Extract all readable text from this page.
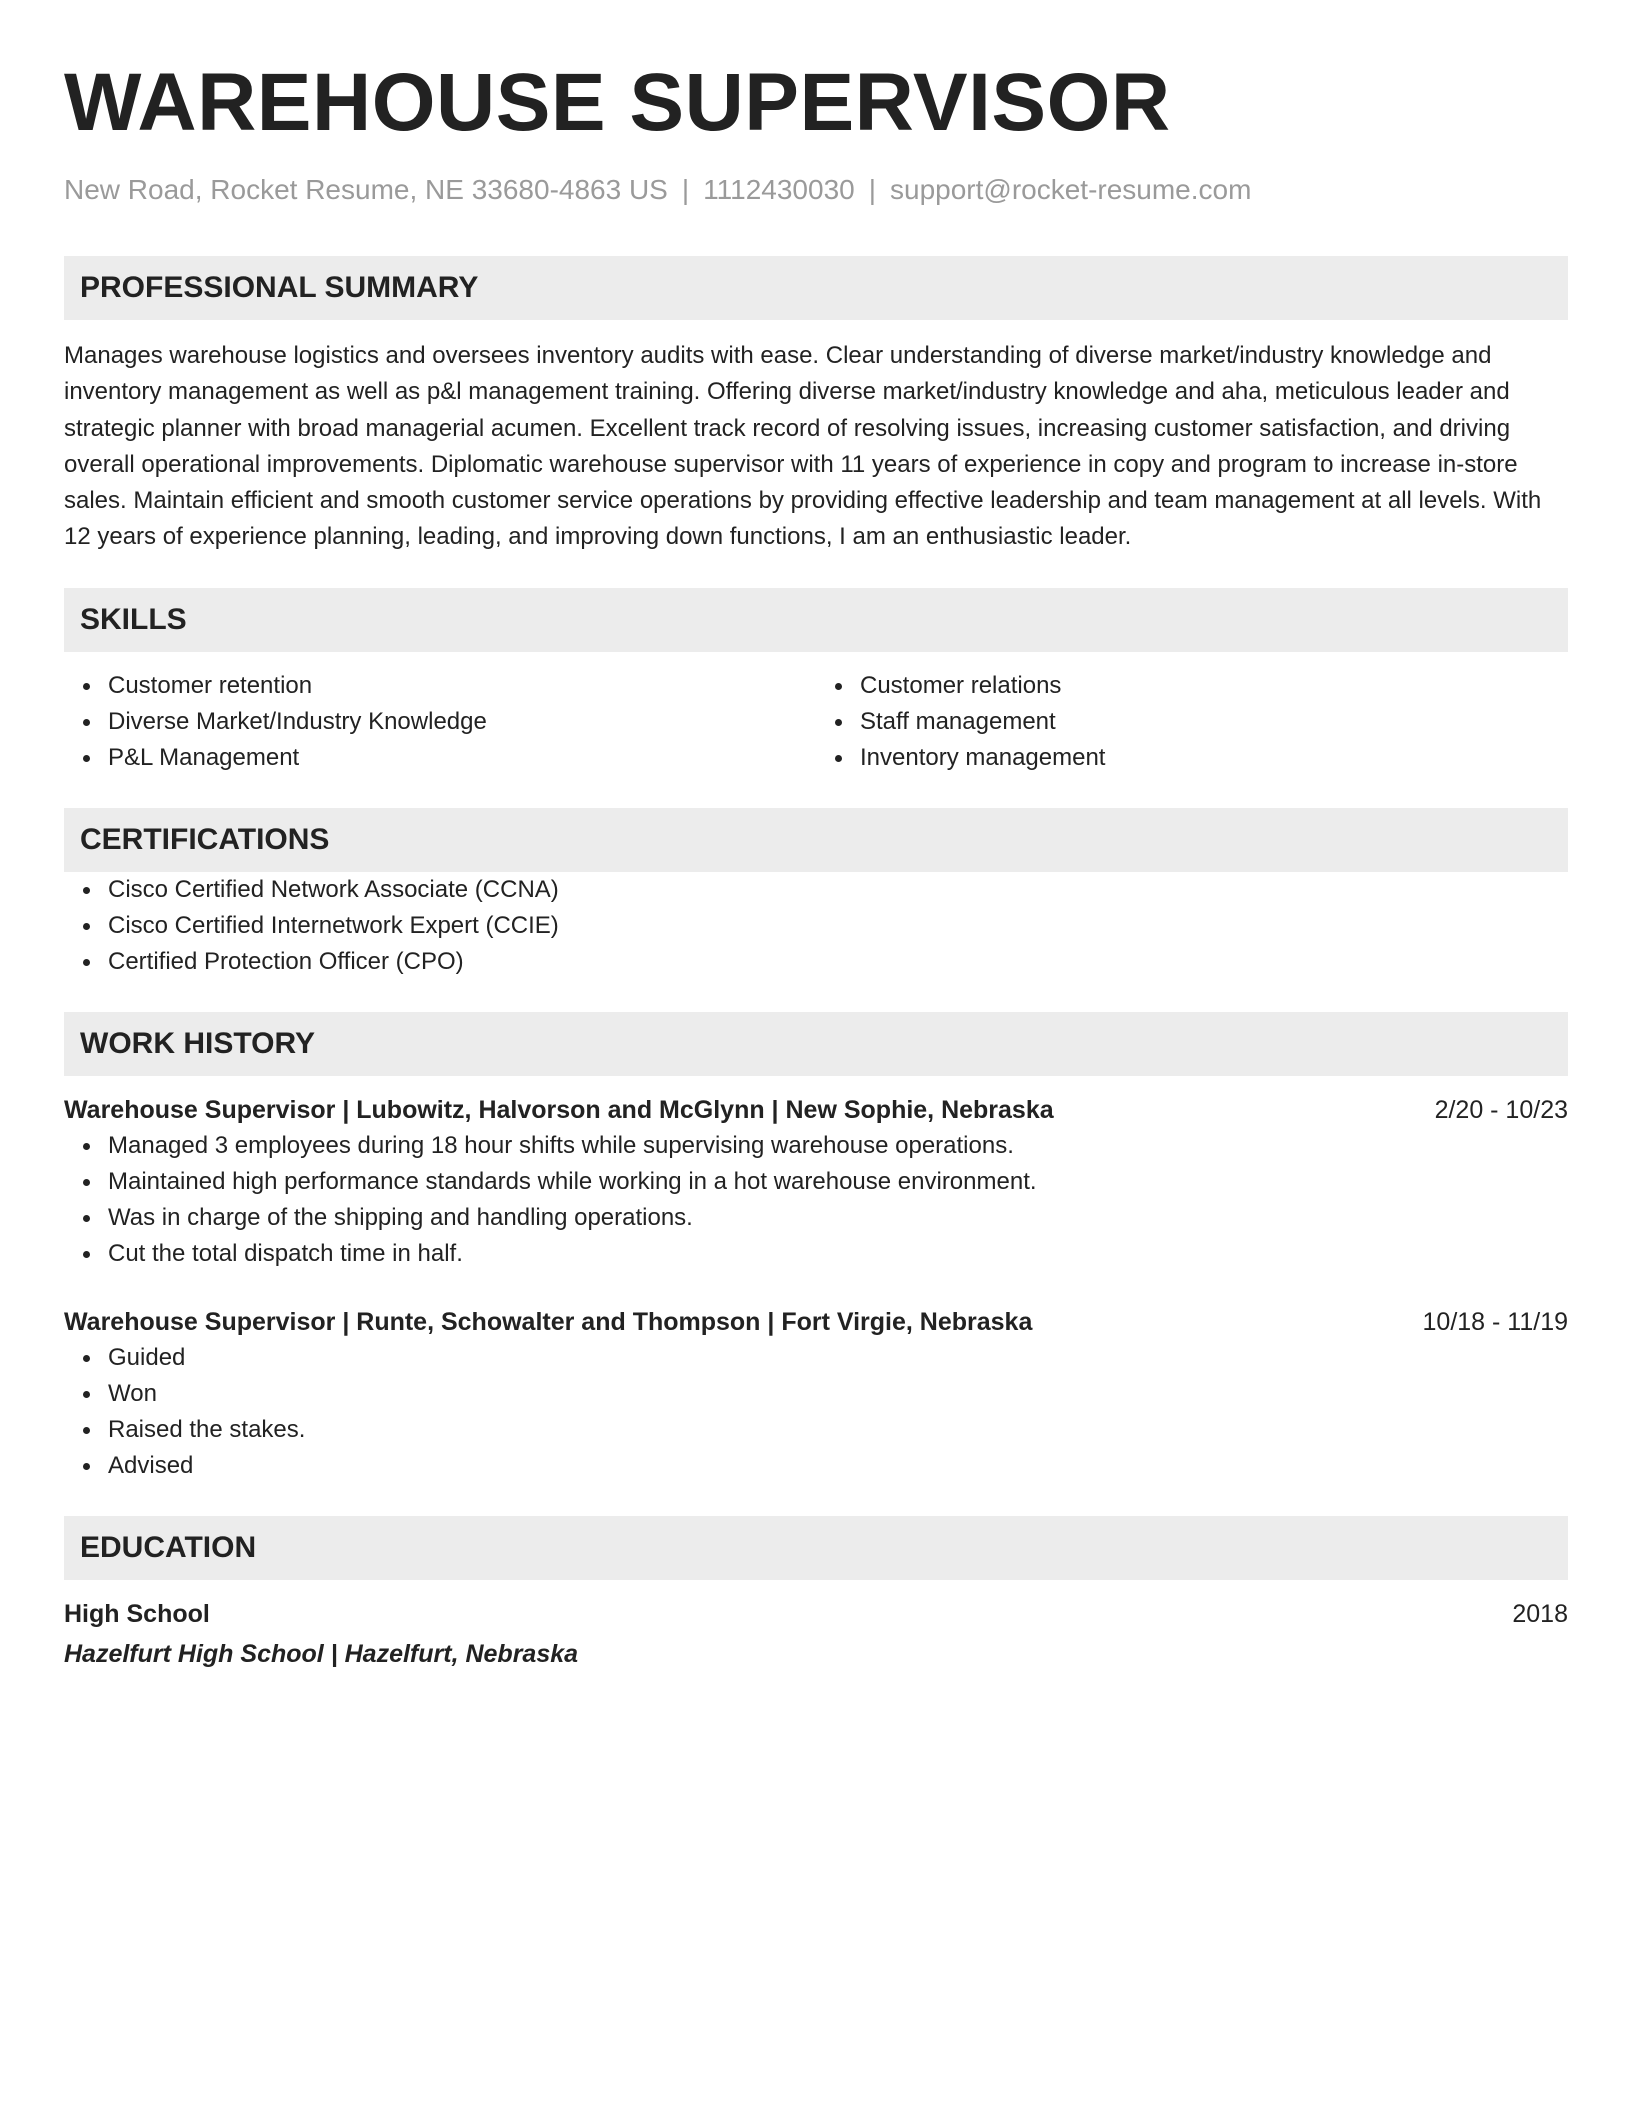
WAREHOUSE SUPERVISOR
New Road, Rocket Resume, NE 33680-4863 US | 1112430030 | support@rocket-resume.com
PROFESSIONAL SUMMARY

Manages warehouse logistics and oversees inventory audits with ease. Clear understanding of diverse market/industry knowledge and inventory management as well as p&l management training. Offering diverse market/industry knowledge and aha, meticulous leader and strategic planner with broad managerial acumen. Excellent track record of resolving issues, increasing customer satisfaction, and driving overall operational improvements. Diplomatic warehouse supervisor with 11 years of experience in copy and program to increase in-store sales. Maintain efficient and smooth customer service operations by providing effective leadership and team management at all levels. With 12 years of experience planning, leading, and improving down functions, I am an enthusiastic leader.

SKILLS
Customer retention
Diverse Market/Industry Knowledge
P&L Management
Customer relations
Staff management
Inventory management
CERTIFICATIONS
Cisco Certified Network Associate (CCNA)
Cisco Certified Internetwork Expert (CCIE)
Certified Protection Officer (CPO)
WORK HISTORY
Warehouse Supervisor | Lubowitz, Halvorson and McGlynn | New Sophie, Nebraska	2/20 - 10/23
Managed 3 employees during 18 hour shifts while supervising warehouse operations.
Maintained high performance standards while working in a hot warehouse environment.
Was in charge of the shipping and handling operations.
Cut the total dispatch time in half.
Warehouse Supervisor | Runte, Schowalter and Thompson | Fort Virgie, Nebraska	10/18 - 11/19
Guided
Won
Raised the stakes.
Advised
EDUCATION
High School	2018
Hazelfurt High School | Hazelfurt, Nebraska
